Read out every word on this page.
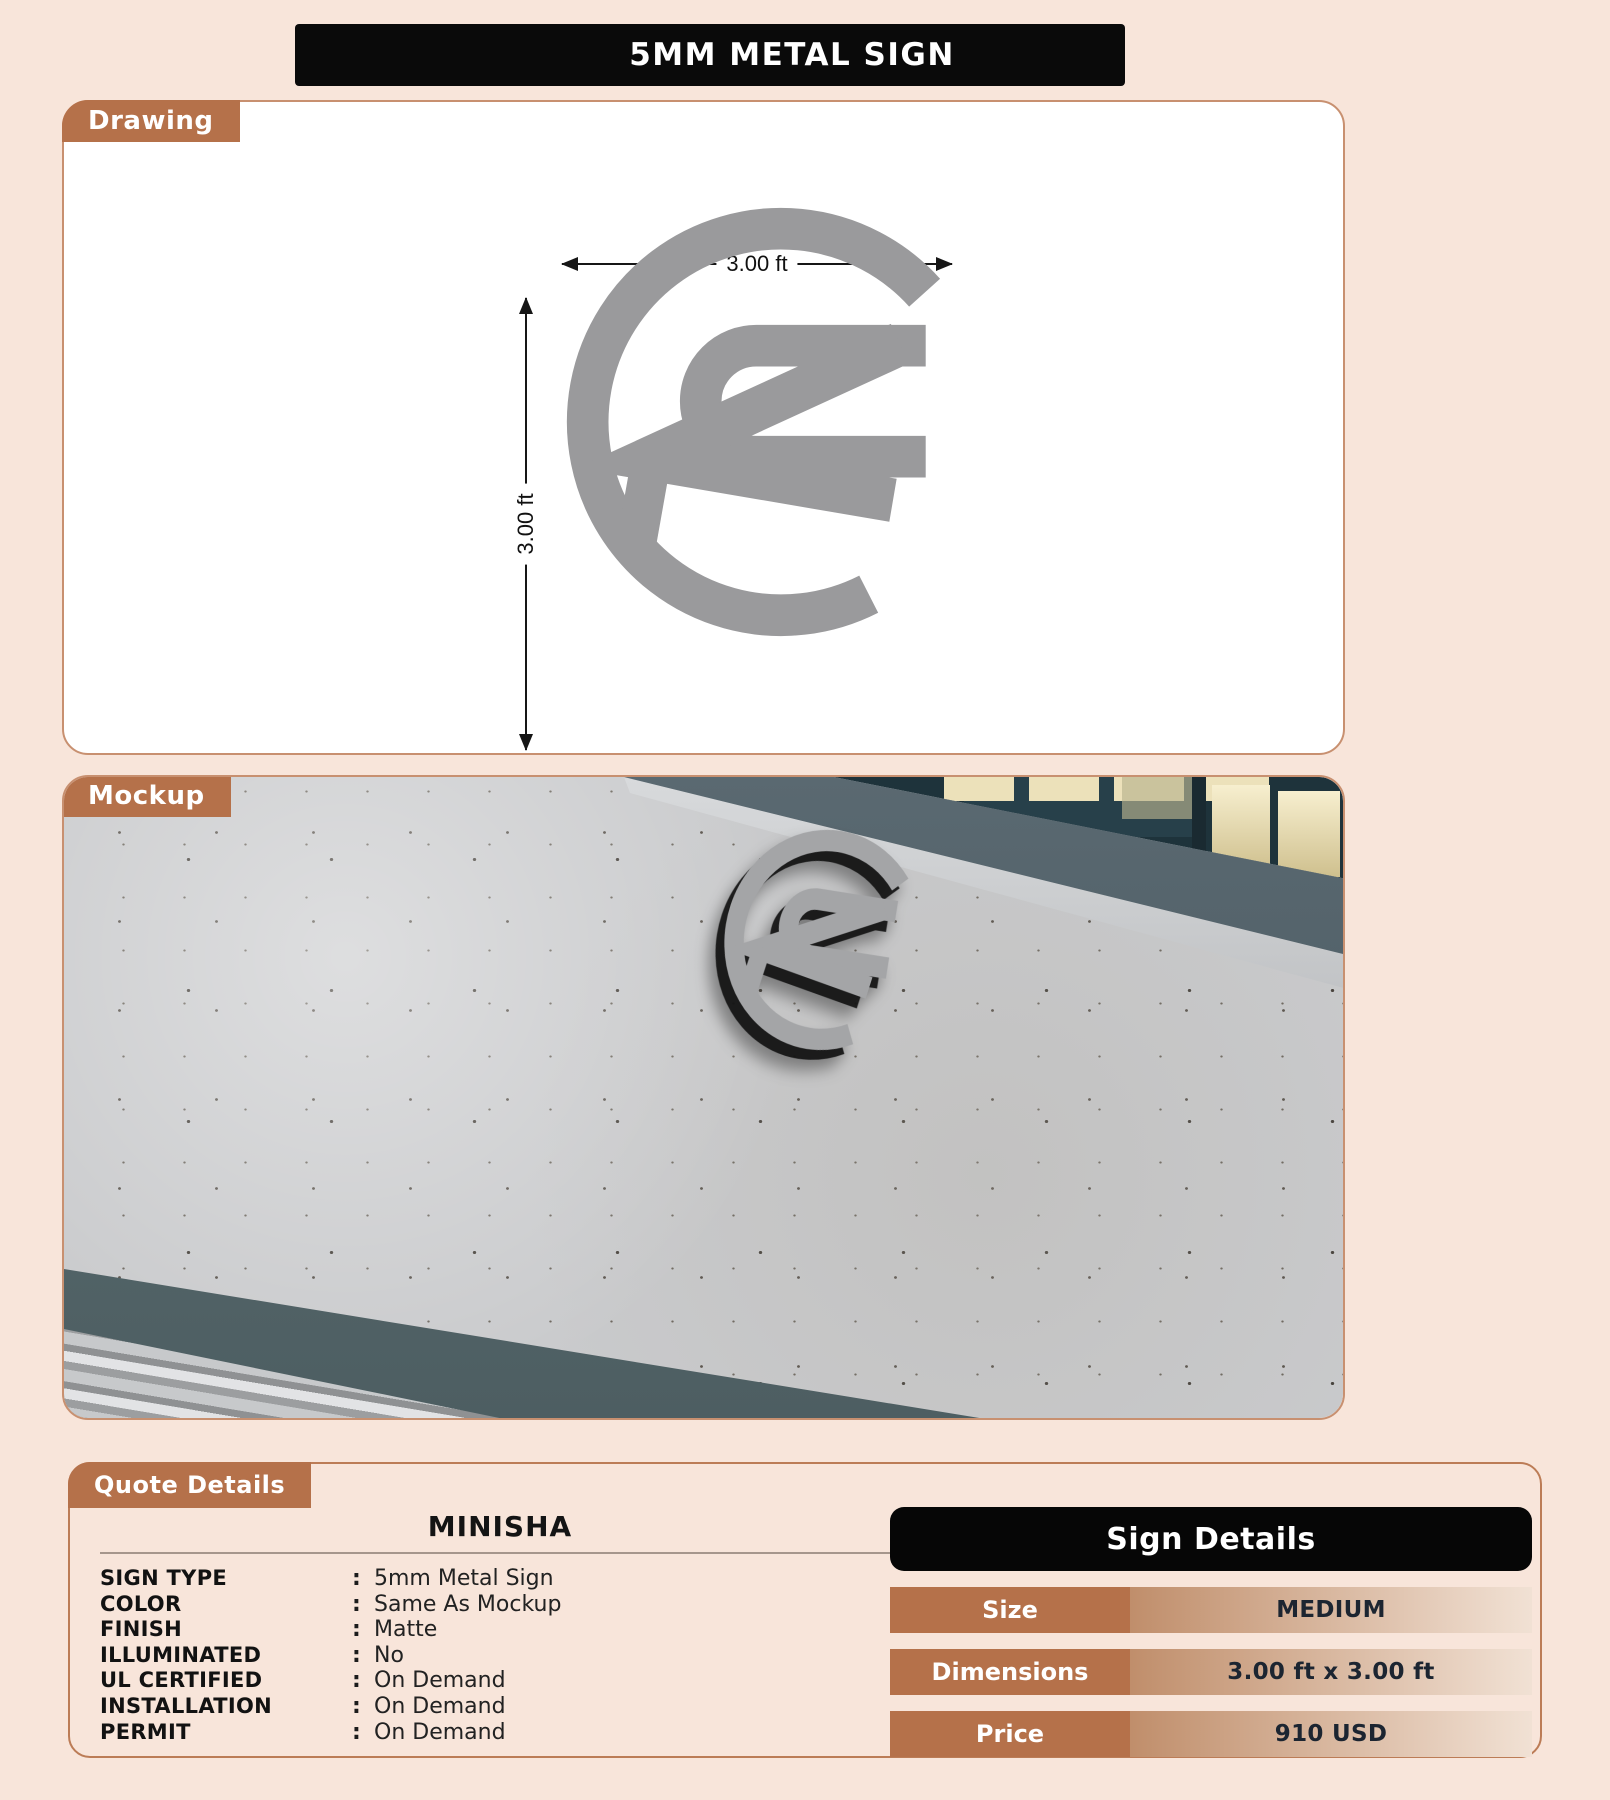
5MM METAL SIGN
Drawing
3.00 ft
3.00 ft
Mockup
Quote Details
MINISHA
SIGN TYPE	: 5mm Metal Sign
COLOR	: Same As Mockup
FINISH	: Matte
ILLUMINATED	: No
UL CERTIFIED	: On Demand
INSTALLATION	: On Demand
PERMIT	: On Demand
Sign Details
Size	MEDIUM
Dimensions	3.00 ft x 3.00 ft
Price	910 USD
